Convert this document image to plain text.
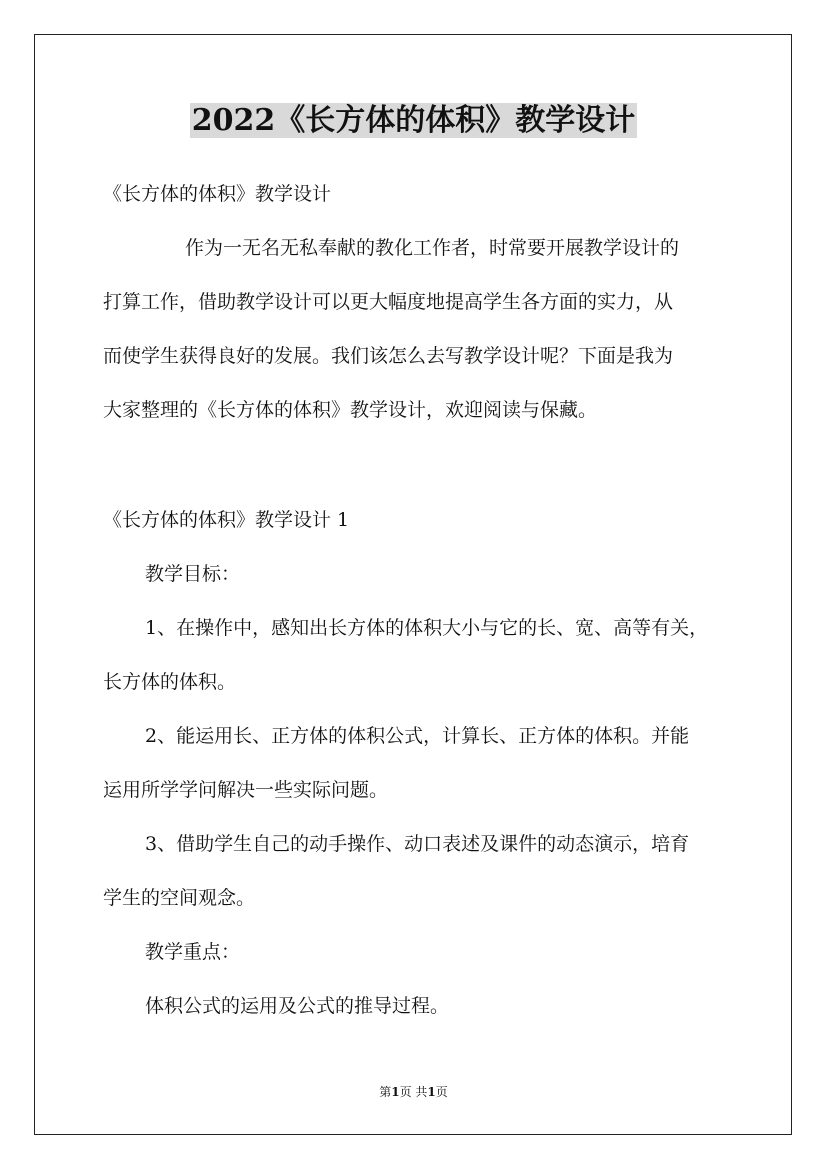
2022《长方体的体积》教学设计
《长方体的体积》教学设计
作为一无名无私奉献的教化工作者，时常要开展教学设计的
打算工作，借助教学设计可以更大幅度地提高学生各方面的实力，从
而使学生获得良好的发展。我们该怎么去写教学设计呢？下面是我为
大家整理的《长方体的体积》教学设计，欢迎阅读与保藏。
《长方体的体积》教学设计 1
教学目标：
1、在操作中，感知出长方体的体积大小与它的长、宽、高等有关，
长方体的体积。
2、能运用长、正方体的体积公式，计算长、正方体的体积。并能
运用所学学问解决一些实际问题。
3、借助学生自己的动手操作、动口表述及课件的动态演示，培育
学生的空间观念。
教学重点：
体积公式的运用及公式的推导过程。
第1页 共1页
